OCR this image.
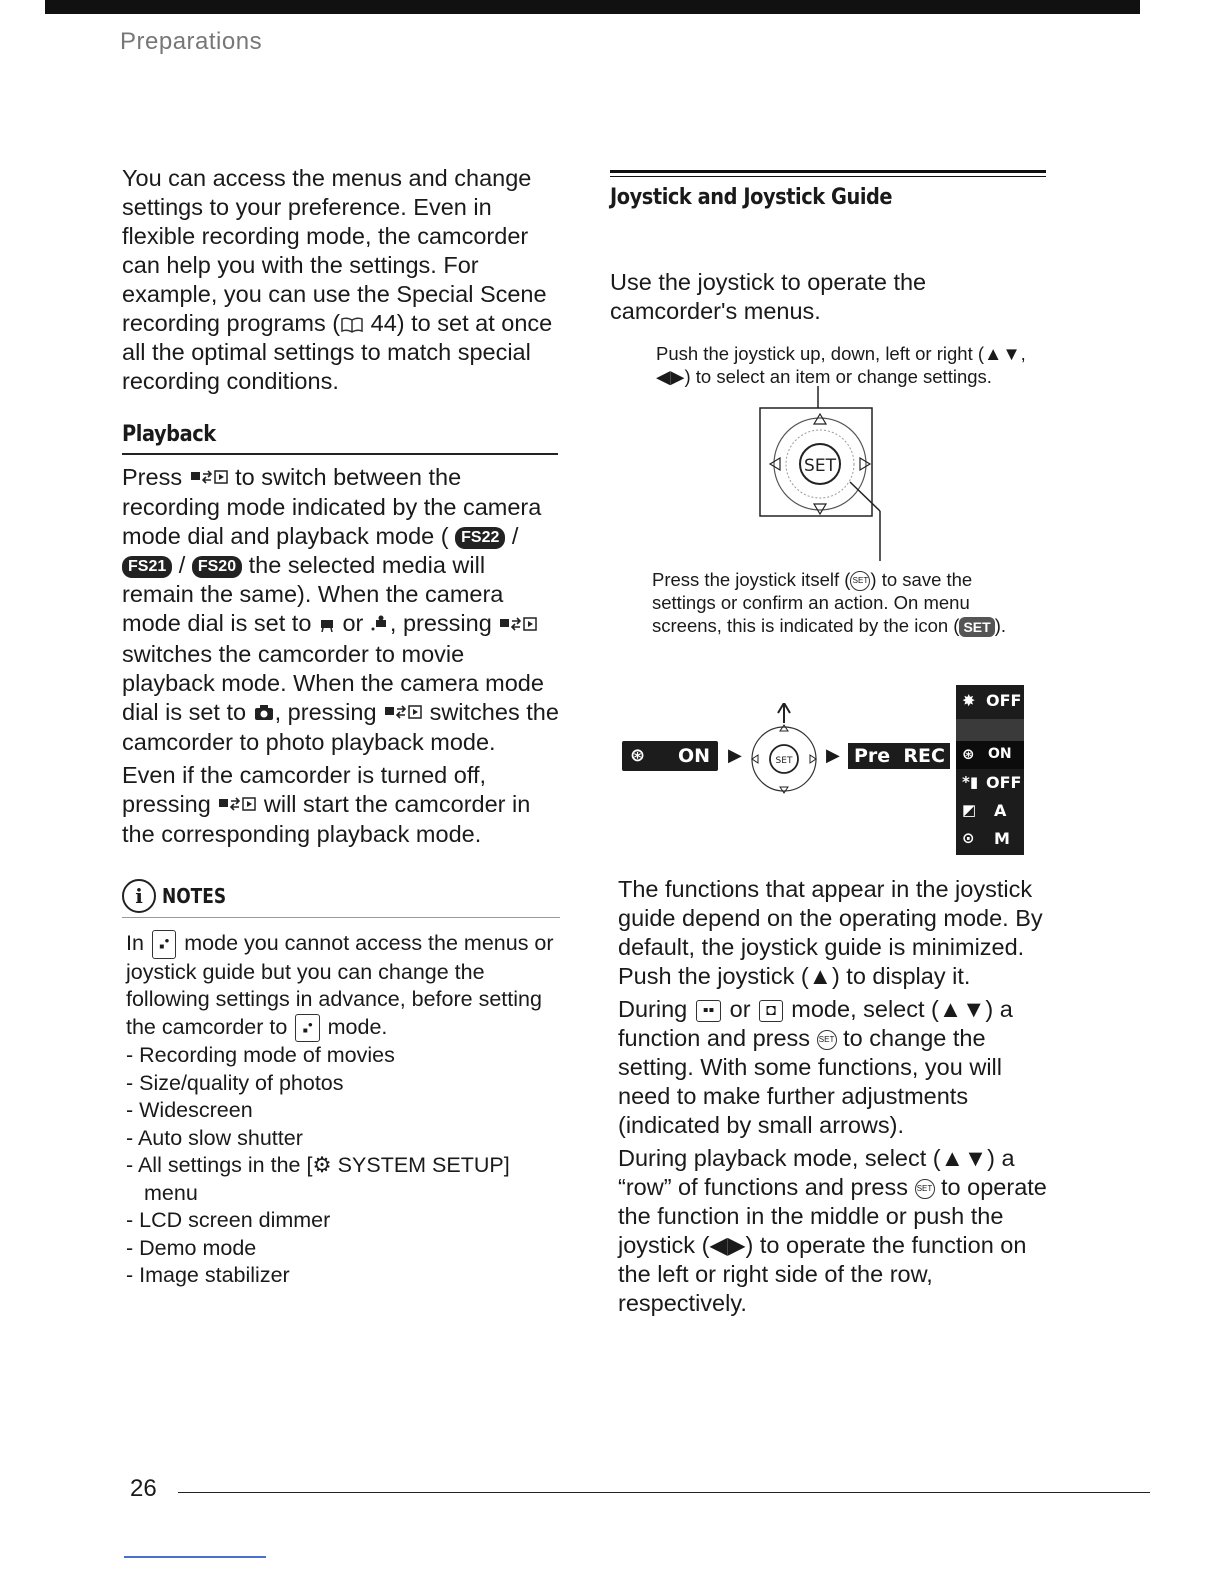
Preparations

You can access the menus and change settings to your preference. Even in flexible recording mode, the camcorder can help you with the settings. For example, you can use the Special Scene recording programs ( 44) to set at once all the optimal settings to match special recording conditions.

Playback

Press to switch between the recording mode indicated by the camera mode dial and playback mode ( FS22 / FS21 / FS20 the selected media will remain the same). When the camera mode dial is set to or , pressing  switches the camcorder to movie playback mode. When the camera mode dial is set to , pressing switches the camcorder to photo playback mode.

Even if the camcorder is turned off, pressing will start the camcorder in the corresponding playback mode.

i NOTES

In ▪• mode you cannot access the menus or joystick guide but you can change the following settings in advance, before setting the camcorder to ▪• mode.

- Recording mode of movies
- Size/quality of photos
- Widescreen
- Auto slow shutter
- All settings in the [⚙ SYSTEM SETUP] menu
- LCD screen dimmer
- Demo mode
- Image stabilizer
Joystick and Joystick Guide

Use the joystick to operate the camcorder's menus.

Push the joystick up, down, left or right (▲▼, ◀▶) to select an item or change settings.

SET

Press the joystick itself ( SET ) to save the settings or confirm an action. On menu screens, this is indicated by the icon ( SET ).

⊛ ON ▶	SET ▶ Pre  REC
✸ OFF
⊛ ON
*▮ OFF
◩ A
⊙ M

The functions that appear in the joystick guide depend on the operating mode. By default, the joystick guide is minimized. Push the joystick (▲) to display it.

During ▪▪ or ◘ mode, select (▲▼) a function and press SET to change the setting. With some functions, you will need to make further adjustments (indicated by small arrows).

During playback mode, select (▲▼) a “row” of functions and press SET to operate the function in the middle or push the joystick (◀▶) to operate the function on the left or right side of the row, respectively.

26
